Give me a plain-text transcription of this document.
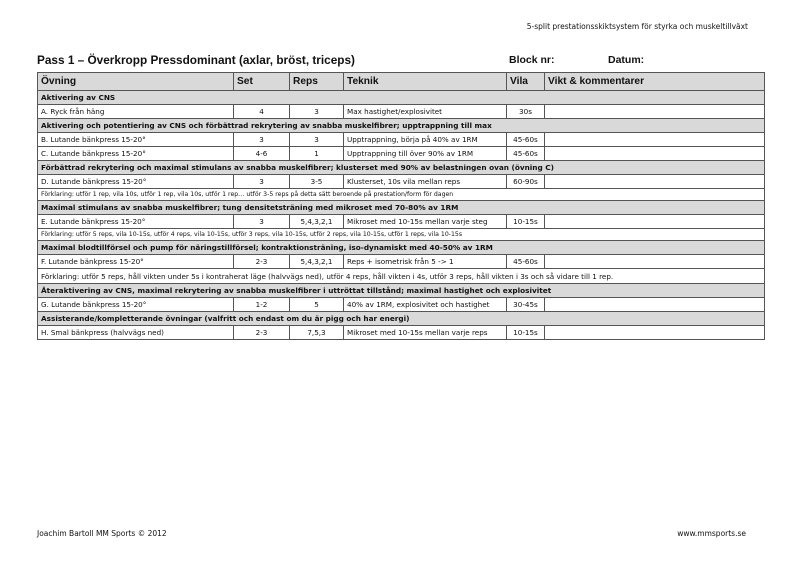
5-split prestationsskiktsystem för styrka och muskeltillväxt
Pass 1 – Överkropp Pressdominant (axlar, bröst, triceps)	Block nr:	Datum:
Övning	Set	Reps	Teknik	Vila	Vikt & kommentarer
Aktivering av CNS					
A. Ryck från häng	4	3	Max hastighet/explosivitet	30s	
Aktivering och potentiering av CNS och förbättrad rekrytering av snabba muskelfibrer; upptrappning till max					
B. Lutande bänkpress 15-20°	3	3	Upptrappning, börja på 40% av 1RM	45-60s	
C. Lutande bänkpress 15-20°	4-6	1	Upptrappning till över 90% av 1RM	45-60s	
Förbättrad rekrytering och maximal stimulans av snabba muskelfibrer; klusterset med 90% av belastningen ovan (övning C)					
D. Lutande bänkpress 15-20°	3	3-5	Klusterset, 10s vila mellan reps	60-90s	
Förklaring: utför 1 rep, vila 10s, utför 1 rep, vila 10s, utför 1 rep… utför 3-5 reps på detta sätt beroende på prestation/form för dagen					
Maximal stimulans av snabba muskelfibrer; tung densitetsträning med mikroset med 70-80% av 1RM					
E. Lutande bänkpress 15-20°	3	5,4,3,2,1	Mikroset med 10-15s mellan varje steg	10-15s	
Förklaring: utför 5 reps, vila 10-15s, utför 4 reps, vila 10-15s, utför 3 reps, vila 10-15s, utför 2 reps, vila 10-15s, utför 1 reps, vila 10-15s					
Maximal blodtillförsel och pump för näringstillförsel; kontraktionsträning, iso-dynamiskt med 40-50% av 1RM					
F. Lutande bänkpress 15-20°	2-3	5,4,3,2,1	Reps + isometrisk från 5 -> 1	45-60s	
Förklaring: utför 5 reps, håll vikten under 5s i kontraherat läge (halvvägs ned), utför 4 reps, håll vikten i 4s, utför 3 reps, håll vikten i 3s och så vidare till 1 rep.					
Återaktivering av CNS, maximal rekrytering av snabba muskelfibrer i uttröttat tillstånd; maximal hastighet och explosivitet					
G. Lutande bänkpress 15-20°	1-2	5	40% av 1RM, explosivitet och hastighet	30-45s	
Assisterande/kompletterande övningar (valfritt och endast om du är pigg och har energi)					
H. Smal bänkpress (halvvägs ned)	2-3	7,5,3	Mikroset med 10-15s mellan varje reps	10-15s	
Joachim Bartoll MM Sports © 2012	www.mmsports.se
